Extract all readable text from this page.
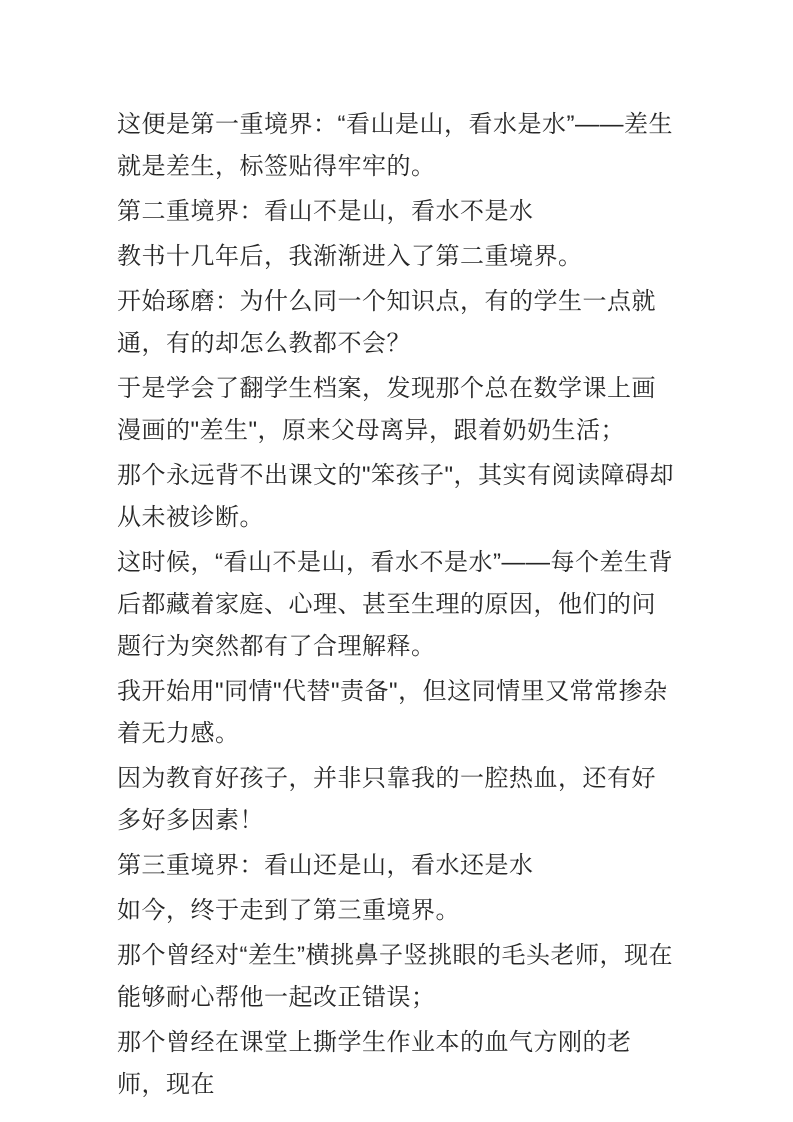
这便是第一重境界：“看山是山，看水是水”——差生就是差生，标签贴得牢牢的。

第二重境界：看山不是山，看水不是水

教书十几年后，我渐渐进入了第二重境界。

开始琢磨：为什么同一个知识点，有的学生一点就通，有的却怎么教都不会？

于是学会了翻学生档案，发现那个总在数学课上画漫画的"差生"，原来父母离异，跟着奶奶生活；

那个永远背不出课文的"笨孩子"，其实有阅读障碍却从未被诊断。

这时候，“看山不是山，看水不是水”——每个差生背后都藏着家庭、心理、甚至生理的原因，他们的问题行为突然都有了合理解释。

我开始用"同情"代替"责备"，但这同情里又常常掺杂着无力感。

因为教育好孩子，并非只靠我的一腔热血，还有好多好多因素！

第三重境界：看山还是山，看水还是水

如今，终于走到了第三重境界。

那个曾经对“差生”横挑鼻子竖挑眼的毛头老师，现在能够耐心帮他一起改正错误；

那个曾经在课堂上撕学生作业本的血气方刚的老师，现在
